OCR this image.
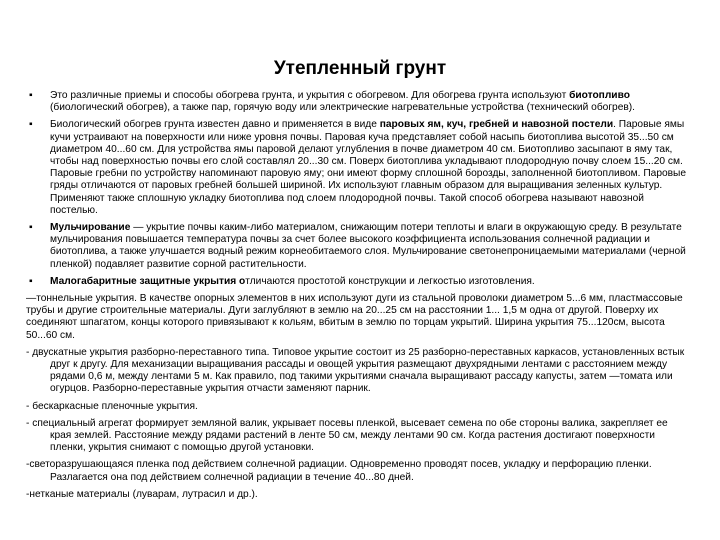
Утепленный грунт
▪ Это различные приемы и способы обогрева грунта, и укрытия с обогревом. Для обогрева грунта используют биотопливо (биологический обогрев), а также пар, горячую воду или электрические нагревательные устройства (технический обогрев).
▪ Биологический обогрев грунта известен давно и применяется в виде паровых ям, куч, гребней и навозной постели. Паровые ямы кучи устраивают на поверхности или ниже уровня почвы. Паровая куча представляет собой насыпь биотоплива высотой 35...50 см диаметром 40...60 см. Для устройства ямы паровой делают углубления в почве диаметром 40 см. Биотопливо засыпают в яму так, чтобы над поверхностью почвы его слой составлял 20...30 см. Поверх биотоплива укладывают плодородную почву слоем 15...20 см. Паровые гребни по устройству напоминают паровую яму; они имеют форму сплошной борозды, заполненной биотопливом. Паровые гряды отличаются от паровых гребней большей шириной. Их используют главным образом для выращивания зеленных культур. Применяют также сплошную укладку биотоплива под слоем плодородной почвы. Такой способ обогрева называют навозной постелью.
▪ Мульчирование — укрытие почвы каким-либо материалом, снижающим потери теплоты и влаги в окружающую среду. В результате мульчирования повышается температура почвы за счет более высокого коэффициента использования солнечной радиации и биотоплива, а также улучшается водный режим корнеобитаемого слоя. Мульчирование светонепроницаемыми материалами (черной пленкой) подавляет развитие сорной растительности.
▪ Малогабаритные защитные укрытия отличаются простотой конструкции и легкостью изготовления.
—тоннельные укрытия. В качестве опорных элементов в них используют дуги из стальной проволоки диаметром 5...6 мм, пластмассовые трубы и другие строительные материалы. Дуги заглубляют в землю на 20...25 см на расстоянии 1... 1,5 м одна от другой. Поверху их соединяют шпагатом, концы которого привязывают к кольям, вбитым в землю по торцам укрытий. Ширина укрытия 75...120см, высота 50...60 см.
- двускатные укрытия разборно-переставного типа. Типовое укрытие состоит из 25 разборно-переставных каркасов, установленных встык друг к другу. Для механизации выращивания рассады и овощей укрытия размещают двухрядными лентами с расстоянием между рядами 0,6 м, между лентами 5 м. Как правило, под такими укрытиями сначала выращивают рассаду капусты, затем —томата или огурцов. Разборно-переставные укрытия отчасти заменяют парник.
- бескаркасные пленочные укрытия.
- специальный агрегат формирует земляной валик, укрывает посевы пленкой, высевает семена по обе стороны валика, закрепляет ее края землей. Расстояние между рядами растений в ленте 50 см, между лентами 90 см. Когда растения достигают поверхности пленки, укрытия снимают с помощью другой установки.
-светоразрушающаяся пленка под действием солнечной радиации. Одновременно проводят посев, укладку и перфорацию пленки. Разлагается она под действием солнечной радиации в течение 40...80 дней.
-нетканые материалы (луварам, лутрасил и др.).
